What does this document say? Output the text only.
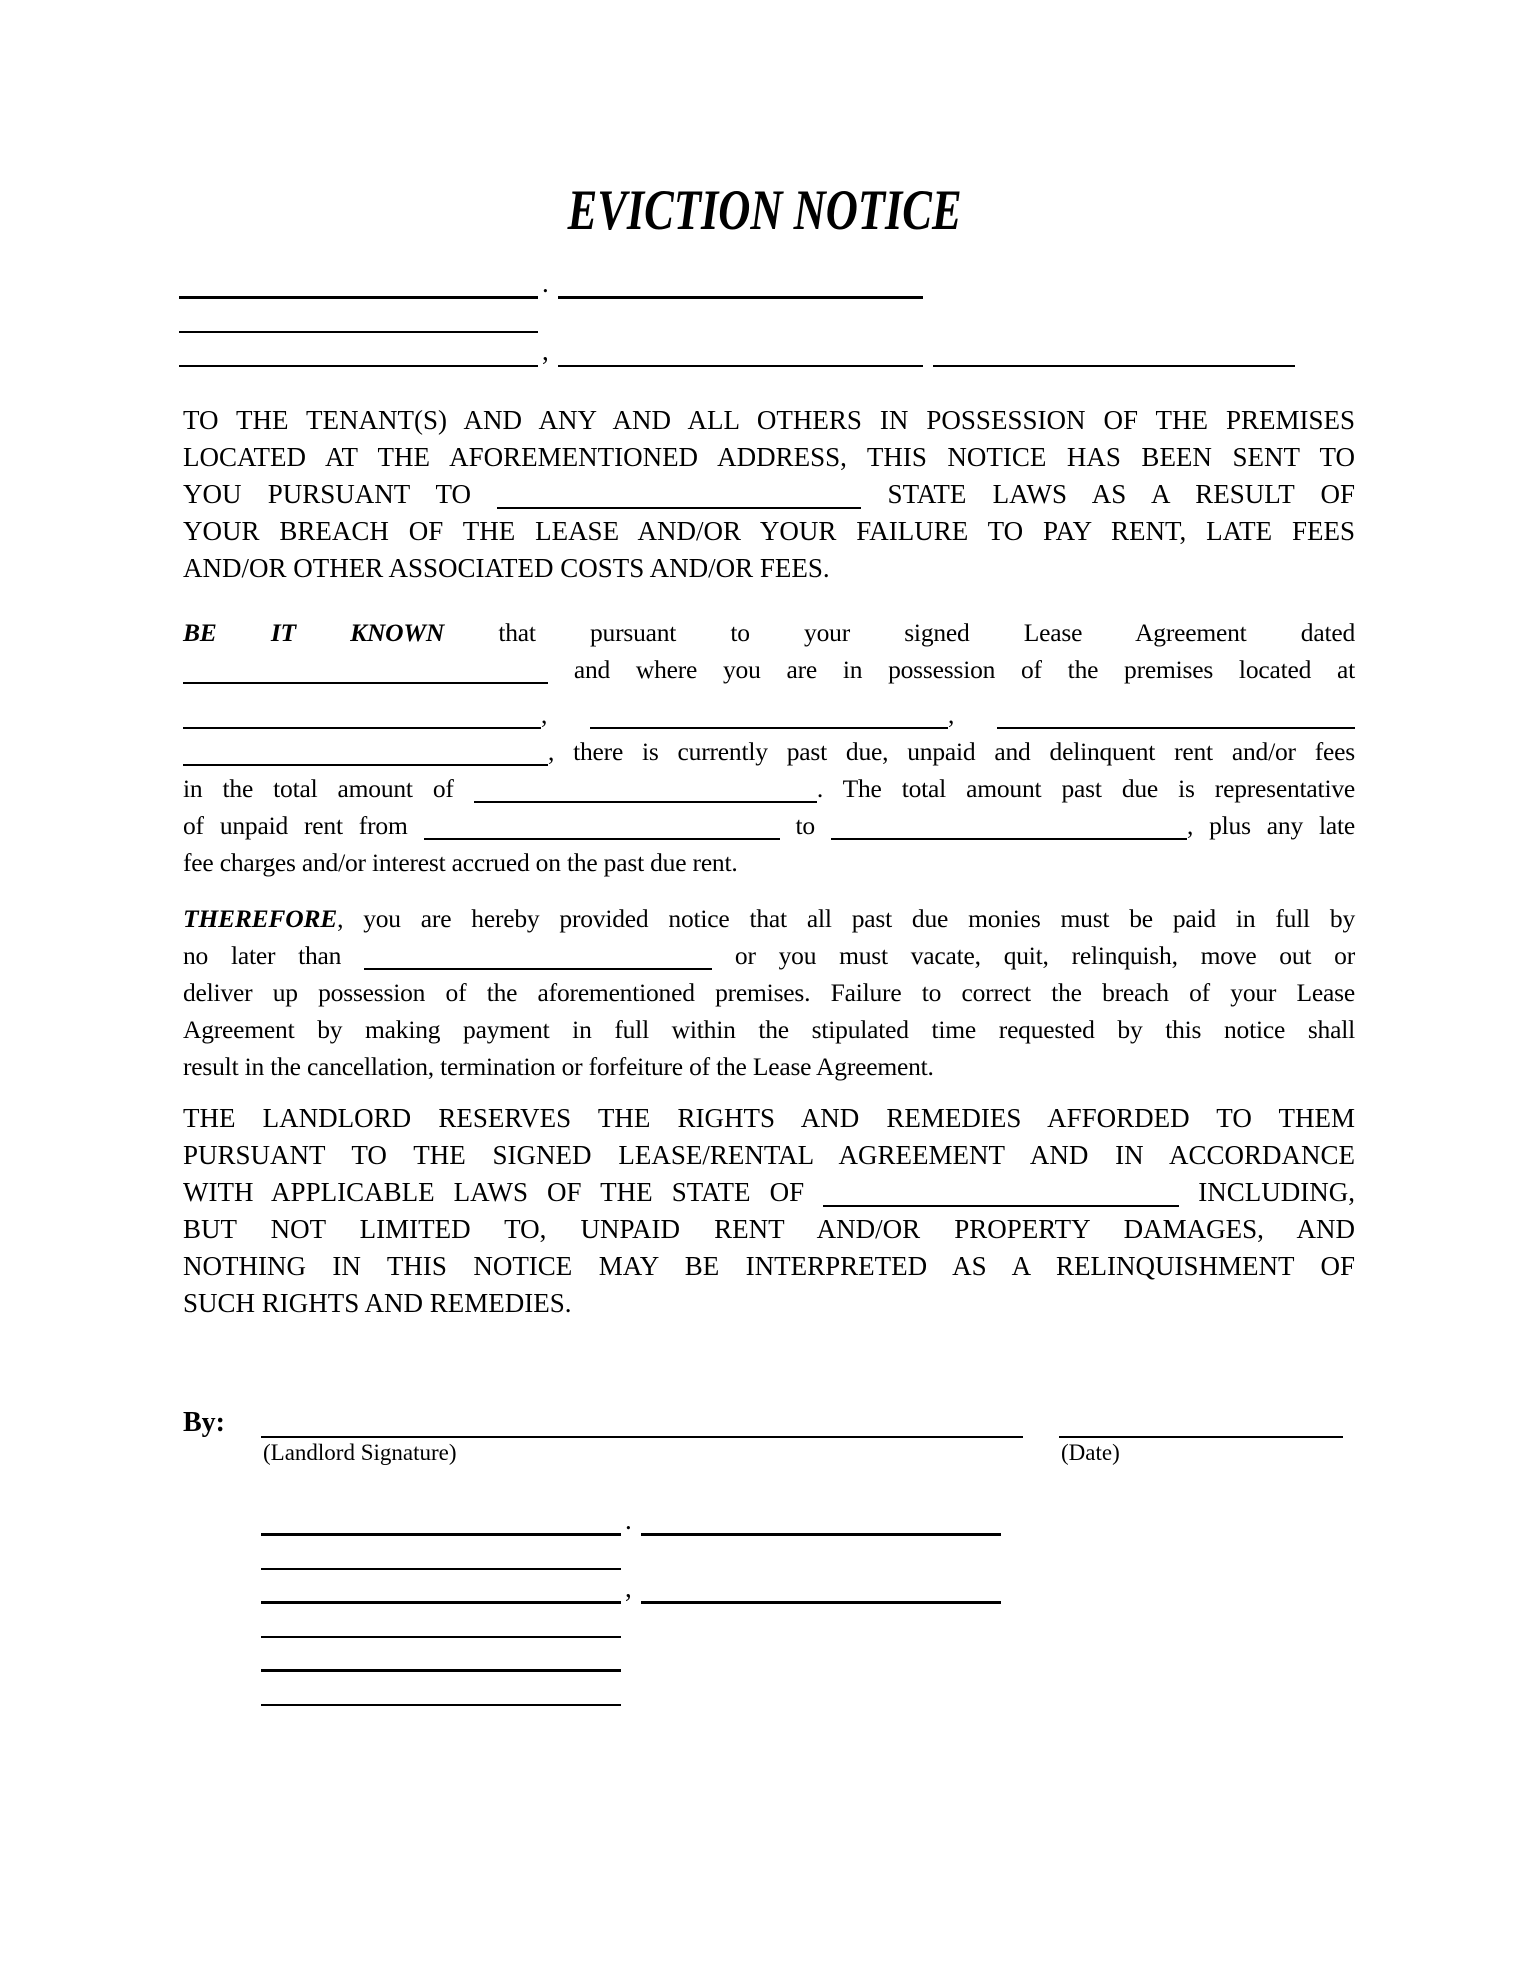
EVICTION NOTICE
.
,
TO THE TENANT(S) AND ANY AND ALL OTHERS IN POSSESSION OF THE PREMISES
LOCATED AT THE AFOREMENTIONED ADDRESS, THIS NOTICE HAS BEEN SENT TO
YOU PURSUANT TO	STATE LAWS AS A RESULT OF
YOUR BREACH OF THE LEASE AND/OR YOUR FAILURE TO PAY RENT, LATE FEES
AND/OR OTHER ASSOCIATED COSTS AND/OR FEES.
BE IT KNOWN that pursuant to your signed Lease Agreement dated
and where you are in possession of the premises located at
,	,
, there is currently past due, unpaid and delinquent rent and/or fees
in the total amount of	. The total amount past due is representative
of unpaid rent from	to	, plus any late
fee charges and/or interest accrued on the past due rent.
THEREFORE, you are hereby provided notice that all past due monies must be paid in full by
no later than	or you must vacate, quit, relinquish, move out or
deliver up possession of the aforementioned premises. Failure to correct the breach of your Lease
Agreement by making payment in full within the stipulated time requested by this notice shall
result in the cancellation, termination or forfeiture of the Lease Agreement.
THE LANDLORD RESERVES THE RIGHTS AND REMEDIES AFFORDED TO THEM
PURSUANT TO THE SIGNED LEASE/RENTAL AGREEMENT AND IN ACCORDANCE
WITH APPLICABLE LAWS OF THE STATE OF	INCLUDING,
BUT NOT LIMITED TO, UNPAID RENT AND/OR PROPERTY DAMAGES, AND
NOTHING IN THIS NOTICE MAY BE INTERPRETED AS A RELINQUISHMENT OF
SUCH RIGHTS AND REMEDIES.
By:
(Landlord Signature)	(Date)
.
,
